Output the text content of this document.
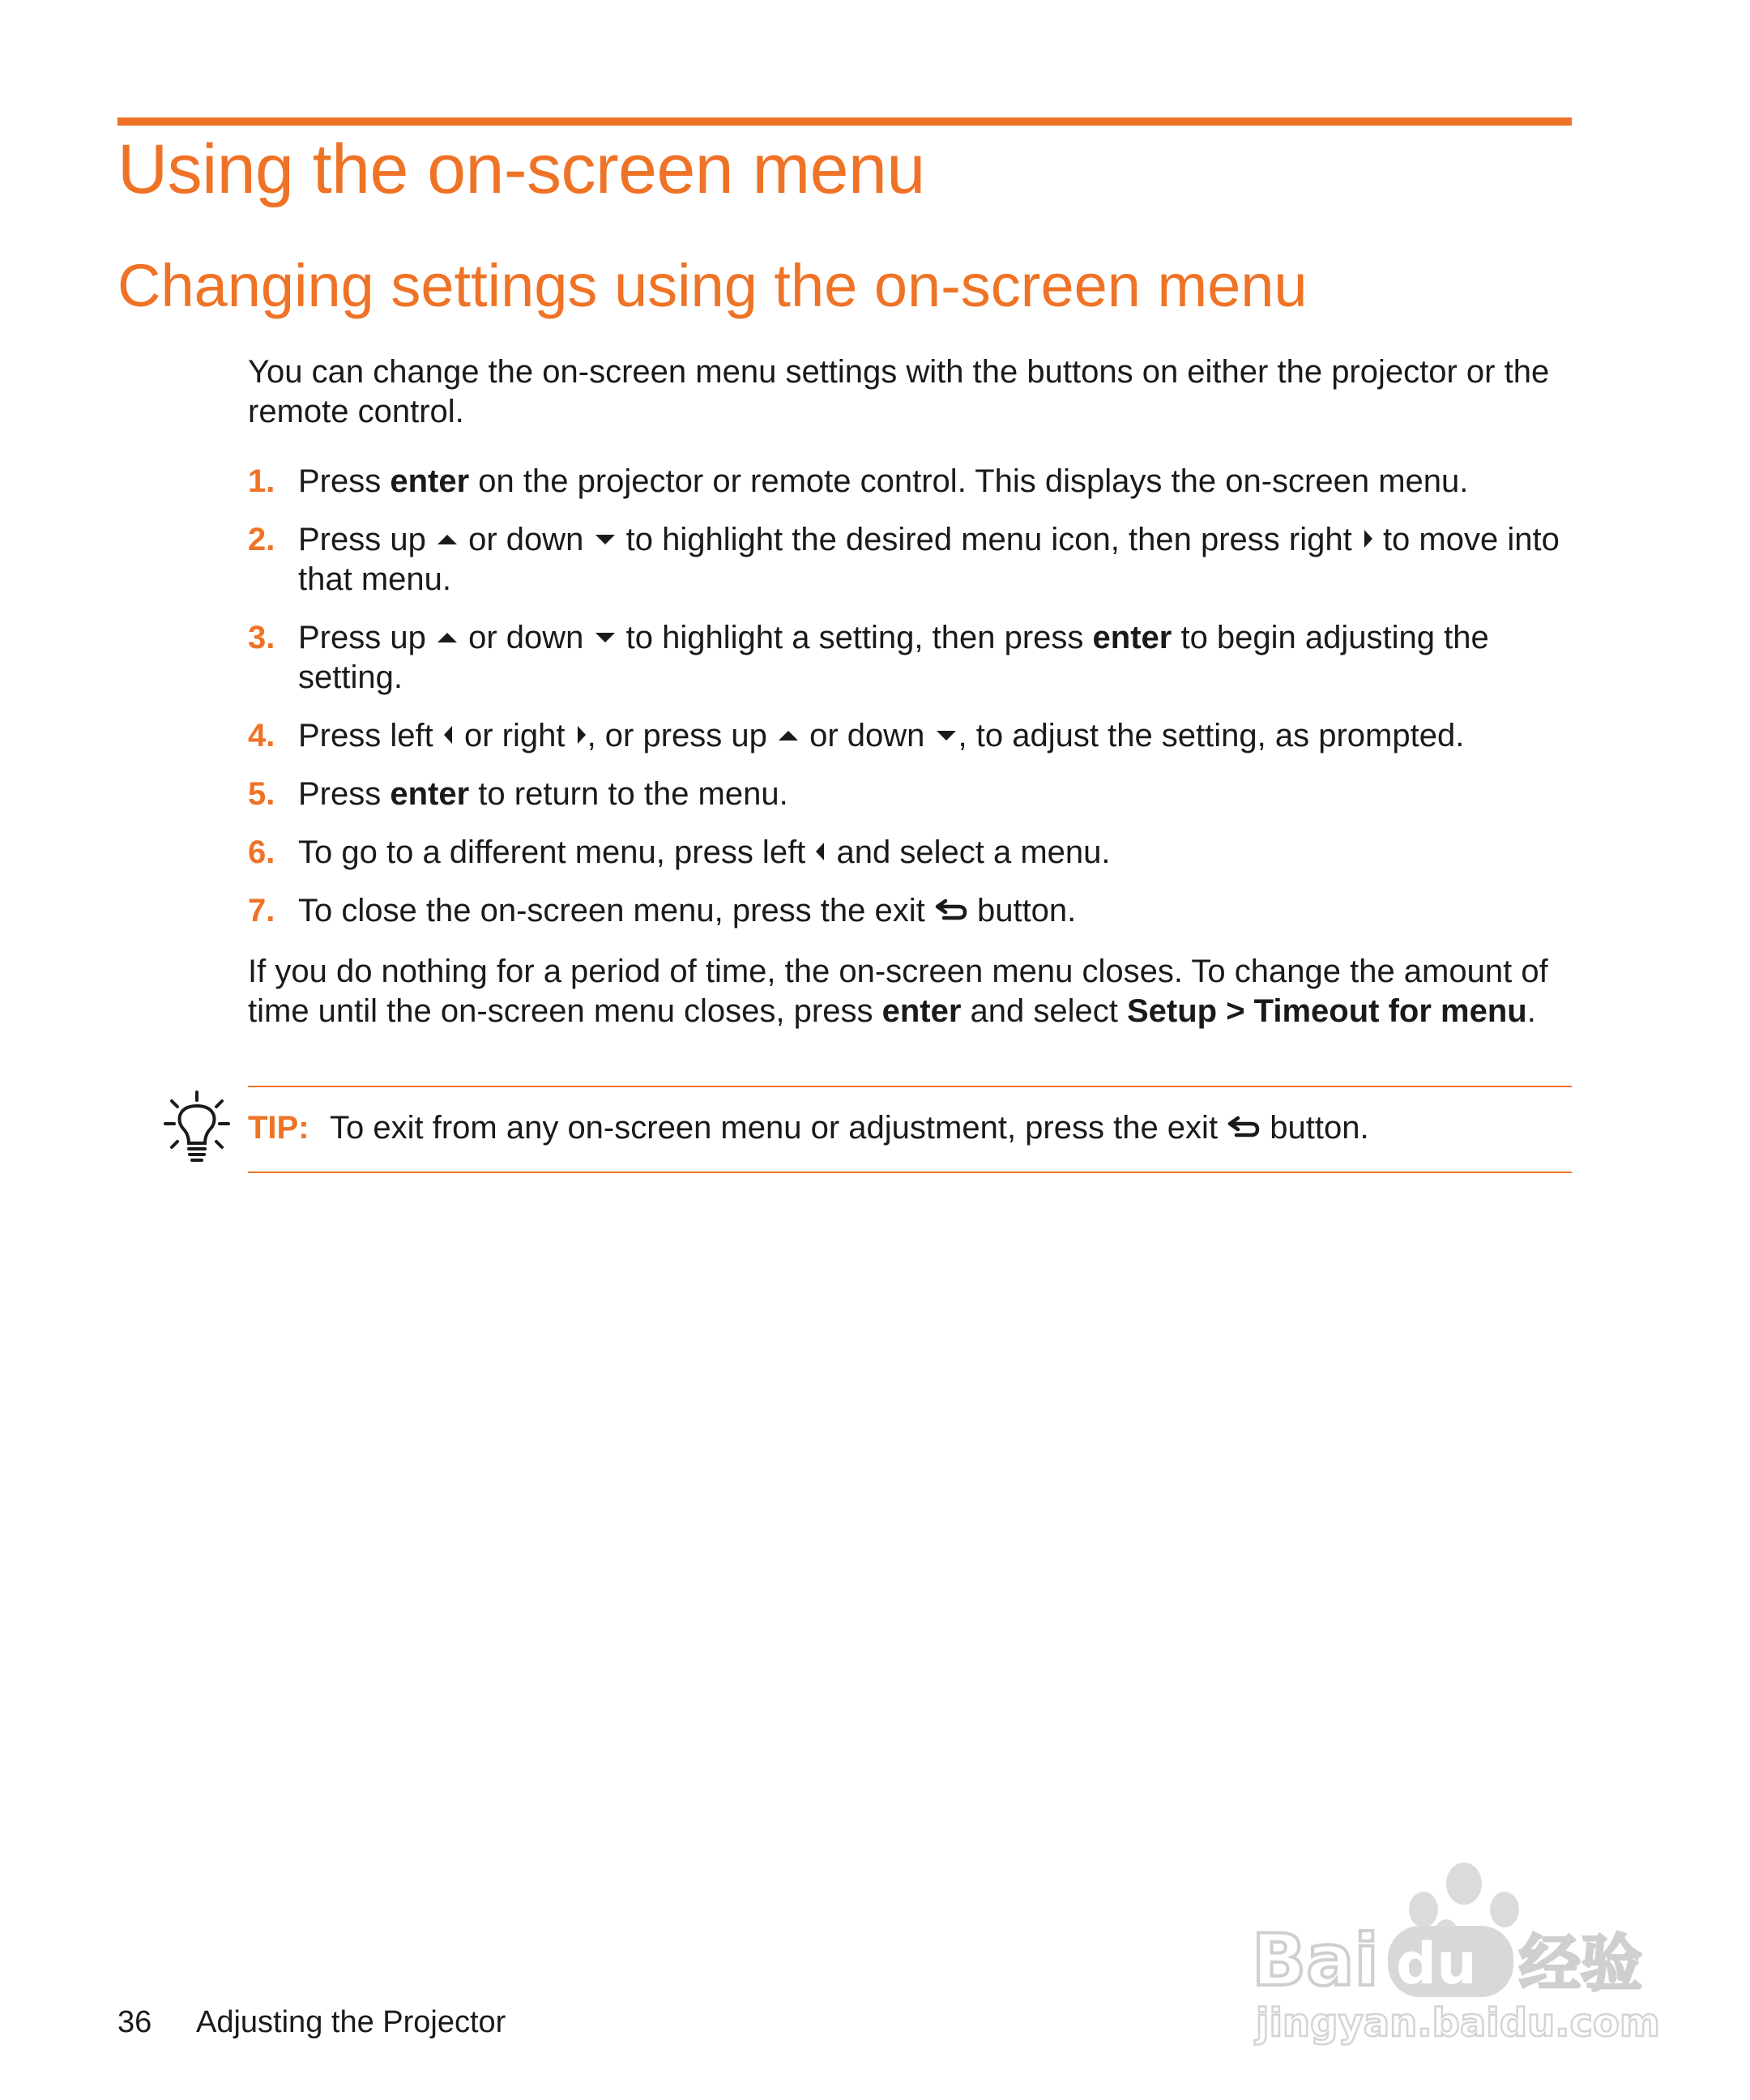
Using the on-screen menu
Changing settings using the on-screen menu

You can change the on-screen menu settings with the buttons on either the projector or the remote control.

1. Press enter on the projector or remote control. This displays the on-screen menu.
2. Press up  or down  to highlight the desired menu icon, then press right  to move into that menu.
3. Press up  or down  to highlight a setting, then press enter to begin adjusting the setting.
4. Press left  or right , or press up  or down , to adjust the setting, as prompted.
5. Press enter to return to the menu.
6. To go to a different menu, press left  and select a menu.
7. To close the on-screen menu, press the exit  button.

If you do nothing for a period of time, the on-screen menu closes. To change the amount of time until the on-screen menu closes, press enter and select Setup > Timeout for menu.

TIP: To exit from any on-screen menu or adjustment, press the exit  button.
36 Adjusting the Projector
Bai du 经验
jingyan.baidu.com
